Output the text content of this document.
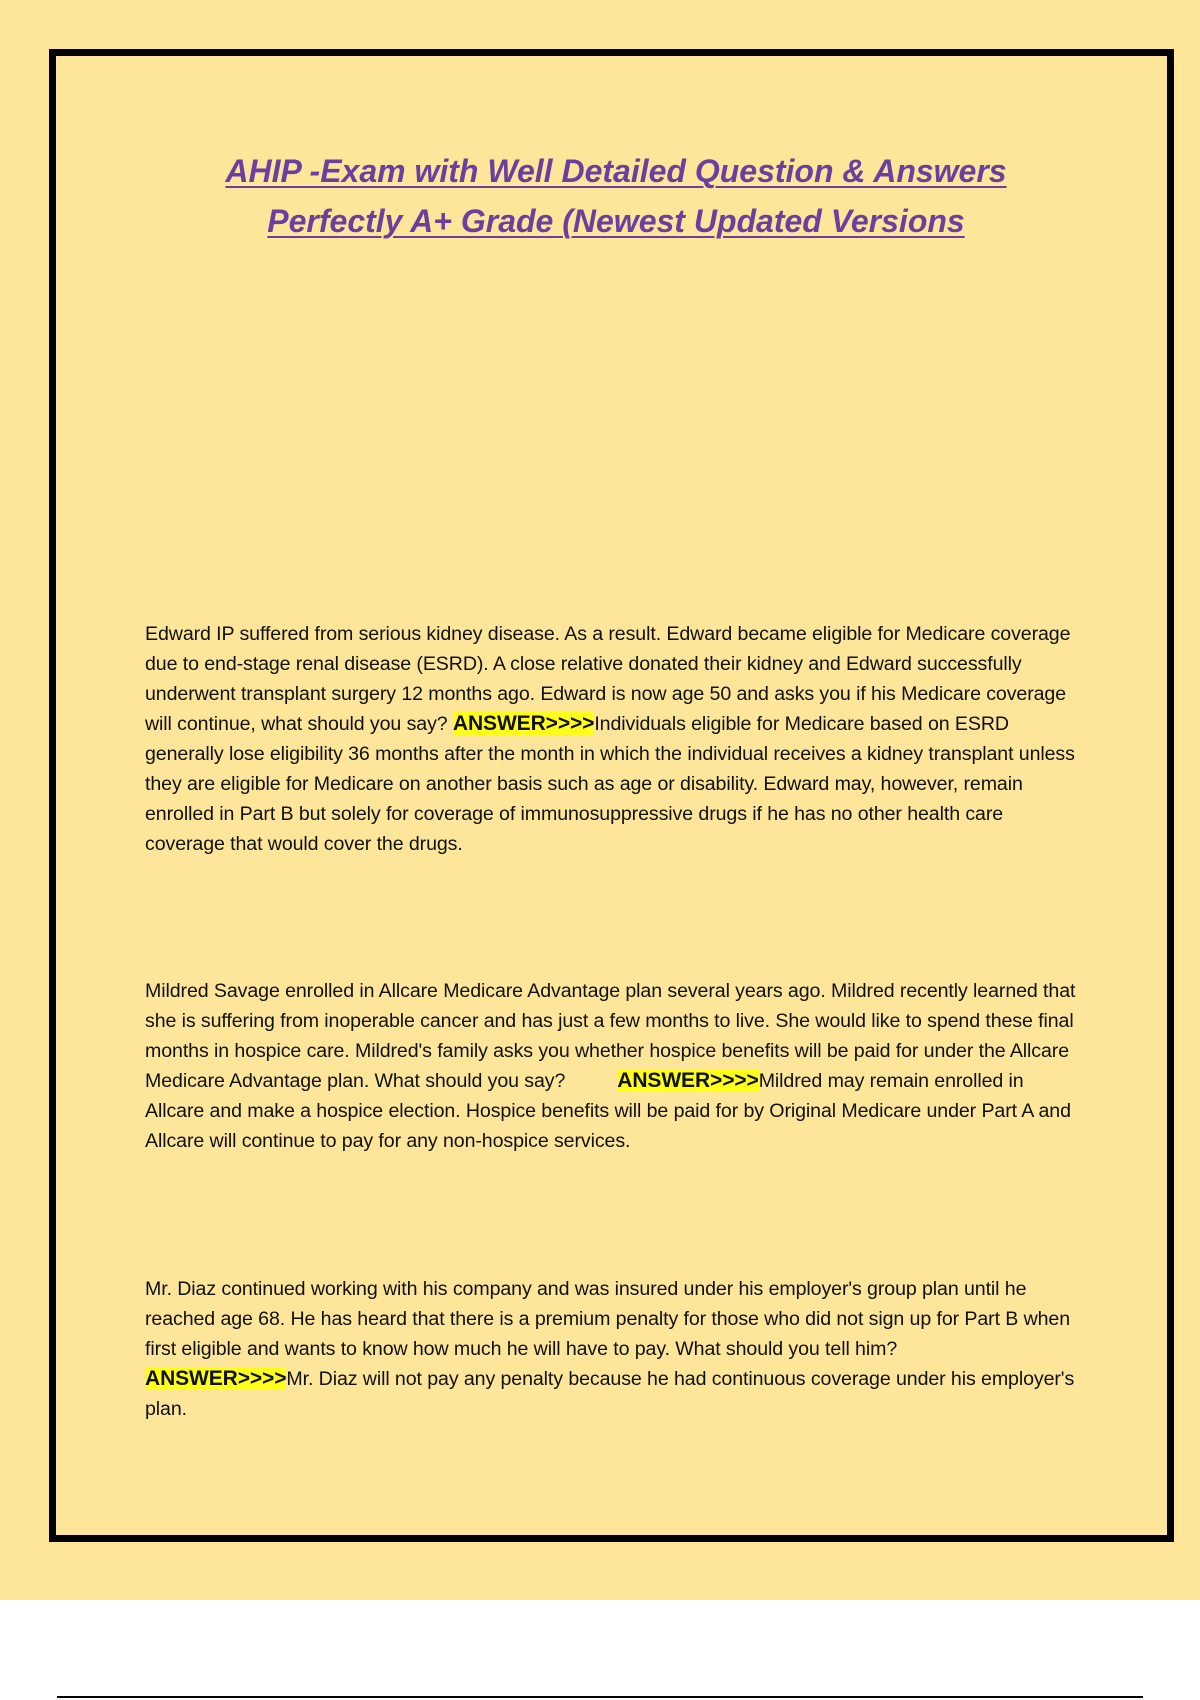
AHIP -Exam with Well Detailed Question & Answers
Perfectly A+ Grade (Newest Updated Versions
Edward IP suffered from serious kidney disease. As a result. Edward became eligible for Medicare coverage due to end-stage renal disease (ESRD). A close relative donated their kidney and Edward successfully underwent transplant surgery 12 months ago. Edward is now age 50 and asks you if his Medicare coverage will continue, what should you say? ANSWER>>>>Individuals eligible for Medicare based on ESRD generally lose eligibility 36 months after the month in which the individual receives a kidney transplant unless they are eligible for Medicare on another basis such as age or disability. Edward may, however, remain enrolled in Part B but solely for coverage of immunosuppressive drugs if he has no other health care coverage that would cover the drugs.
Mildred Savage enrolled in Allcare Medicare Advantage plan several years ago. Mildred recently learned that she is suffering from inoperable cancer and has just a few months to live. She would like to spend these final months in hospice care. Mildred's family asks you whether hospice benefits will be paid for under the Allcare Medicare Advantage plan. What should you say? ANSWER>>>>Mildred may remain enrolled in Allcare and make a hospice election. Hospice benefits will be paid for by Original Medicare under Part A and Allcare will continue to pay for any non-hospice services.
Mr. Diaz continued working with his company and was insured under his employer's group plan until he reached age 68. He has heard that there is a premium penalty for those who did not sign up for Part B when first eligible and wants to know how much he will have to pay. What should you tell him?ANSWER>>>>Mr. Diaz will not pay any penalty because he had continuous coverage under his employer's plan.
